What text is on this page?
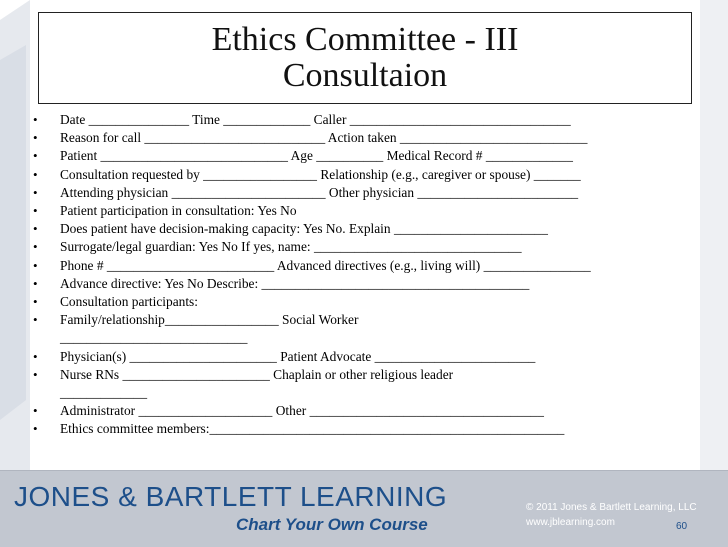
Ethics Committee - III
Consultaion
• Date _______________ Time _____________ Caller _________________________________
• Reason for call ___________________________ Action taken ____________________________
• Patient ____________________________ Age __________ Medical Record # _____________
• Consultation requested by _________________ Relationship (e.g., caregiver or spouse) _______
• Attending physician _______________________ Other physician ________________________
• Patient participation in consultation: Yes No
• Does patient have decision-making capacity: Yes No. Explain _______________________
• Surrogate/legal guardian: Yes No If yes, name: _______________________________
• Phone # _________________________ Advanced directives (e.g., living will) ________________
• Advance directive: Yes No Describe: ________________________________________
• Consultation participants:
• Family/relationship_________________ Social Worker
____________________________
• Physician(s) ______________________ Patient Advocate ________________________
• Nurse RNs ______________________ Chaplain or other religious leader
_____________
• Administrator ____________________ Other ___________________________________
• Ethics committee members:_____________________________________________________
JONES & BARTLETT LEARNING
Chart Your Own Course
© 2011 Jones & Bartlett Learning, LLC
www.jblearning.com	60
